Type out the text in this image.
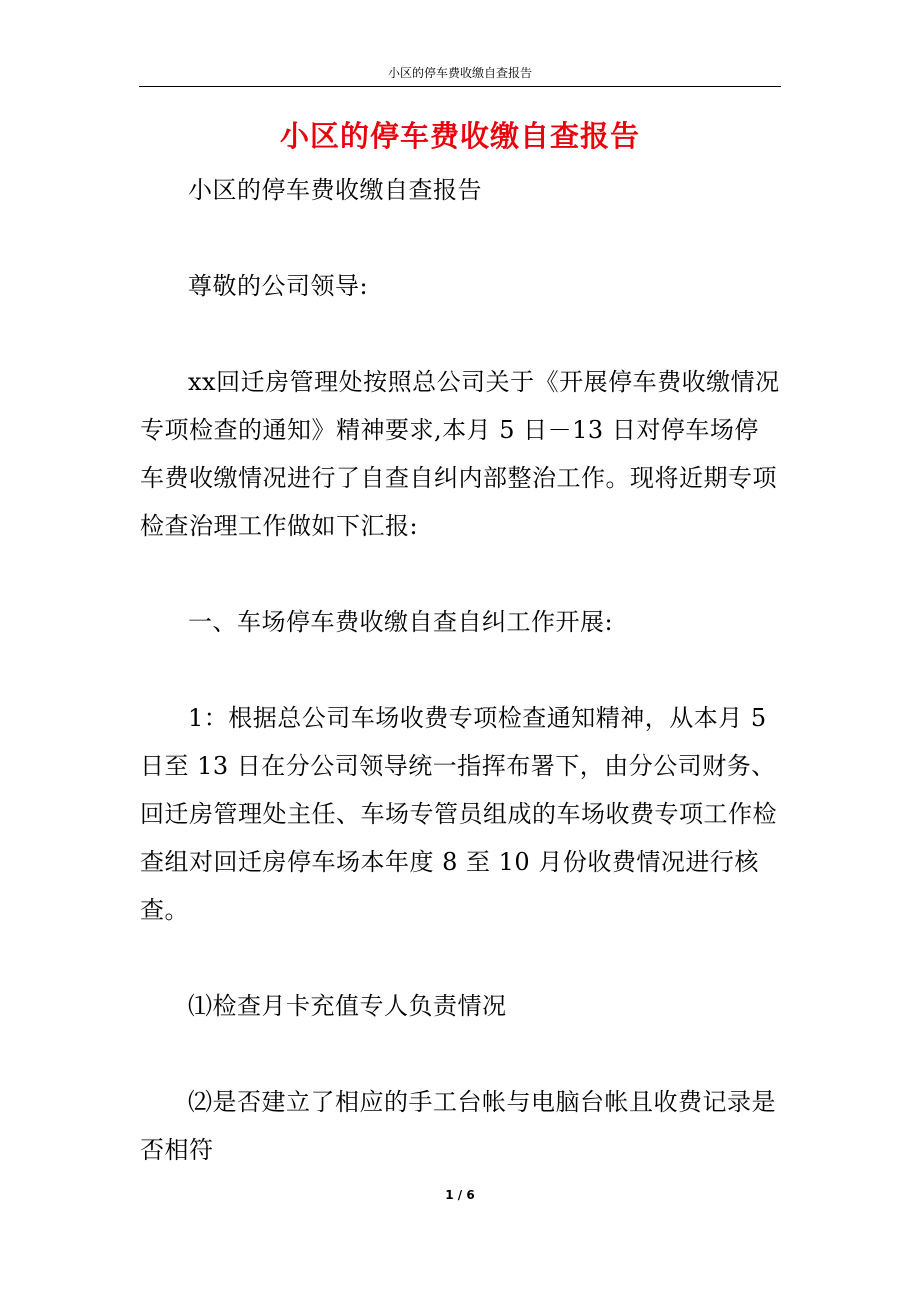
小区的停车费收缴自查报告
小区的停车费收缴自查报告

小区的停车费收缴自查报告

尊敬的公司领导:

xx回迁房管理处按照总公司关于《开展停车费收缴情况专项检查的通知》精神要求,本月 5 日－13 日对停车场停车费收缴情况进行了自查自纠内部整治工作。现将近期专项检查治理工作做如下汇报:

一、车场停车费收缴自查自纠工作开展:

1：根据总公司车场收费专项检查通知精神，从本月 5 日至 13 日在分公司领导统一指挥布署下，由分公司财务、回迁房管理处主任、车场专管员组成的车场收费专项工作检查组对回迁房停车场本年度 8 至 10 月份收费情况进行核查。

⑴检查月卡充值专人负责情况

⑵是否建立了相应的手工台帐与电脑台帐且收费记录是否相符

1 / 6
